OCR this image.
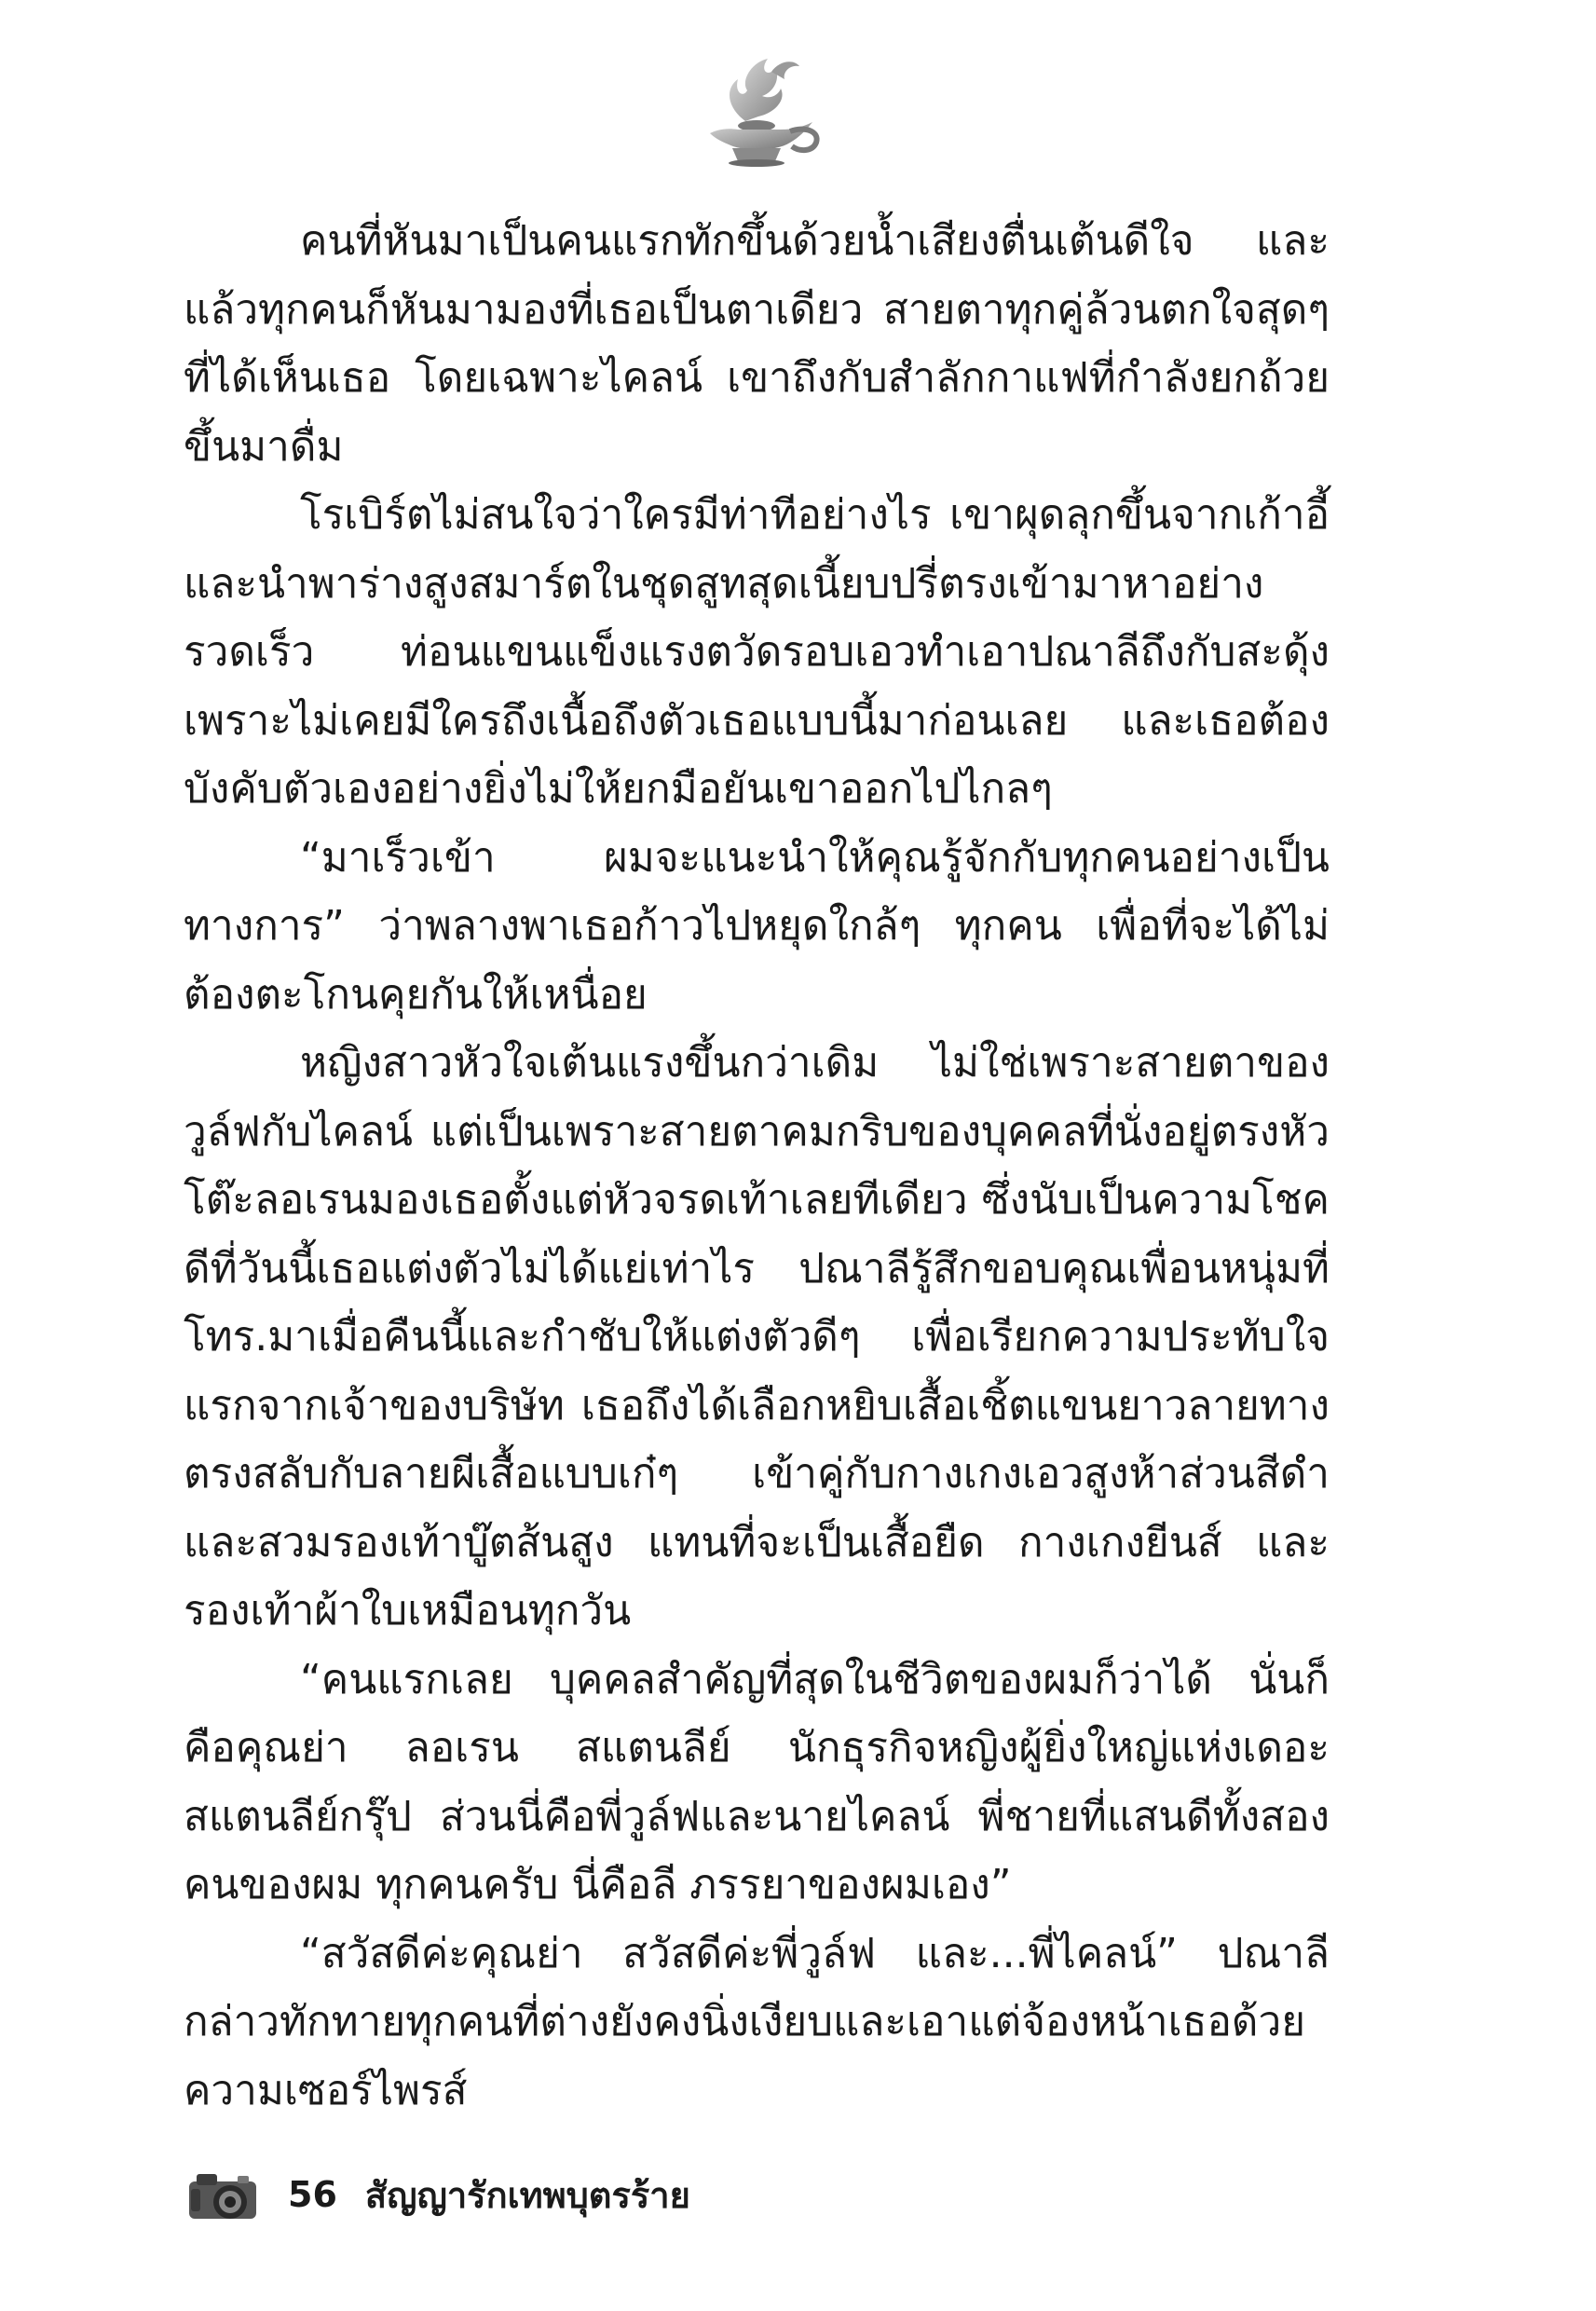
คนที่หันมาเป็นคนแรกทักขึ้นด้วยน้ำเสียงตื่นเต้นดีใจ และแล้วทุกคนก็หันมามองที่เธอเป็นตาเดียว สายตาทุกคู่ล้วนตกใจสุดๆ ที่ได้เห็นเธอ โดยเฉพาะไคลน์ เขาถึงกับสำลักกาแฟที่กำลังยกถ้วยขึ้นมาดื่ม

โรเบิร์ตไม่สนใจว่าใครมีท่าทีอย่างไร เขาผุดลุกขึ้นจากเก้าอี้และนำพาร่างสูงสมาร์ตในชุดสูทสุดเนี้ยบปรี่ตรงเข้ามาหาอย่างรวดเร็ว ท่อนแขนแข็งแรงตวัดรอบเอวทำเอาปณาลีถึงกับสะดุ้ง เพราะไม่เคยมีใครถึงเนื้อถึงตัวเธอแบบนี้มาก่อนเลย และเธอต้องบังคับตัวเองอย่างยิ่งไม่ให้ยกมือยันเขาออกไปไกลๆ

“มาเร็วเข้า ผมจะแนะนำให้คุณรู้จักกับทุกคนอย่างเป็นทางการ” ว่าพลางพาเธอก้าวไปหยุดใกล้ๆ ทุกคน เพื่อที่จะได้ไม่ต้องตะโกนคุยกันให้เหนื่อย

หญิงสาวหัวใจเต้นแรงขึ้นกว่าเดิม ไม่ใช่เพราะสายตาของวูล์ฟกับไคลน์ แต่เป็นเพราะสายตาคมกริบของบุคคลที่นั่งอยู่ตรงหัวโต๊ะลอเรนมองเธอตั้งแต่หัวจรดเท้าเลยทีเดียว ซึ่งนับเป็นความโชคดีที่วันนี้เธอแต่งตัวไม่ได้แย่เท่าไร ปณาลีรู้สึกขอบคุณเพื่อนหนุ่มที่โทร.มาเมื่อคืนนี้และกำชับให้แต่งตัวดีๆ เพื่อเรียกความประทับใจแรกจากเจ้าของบริษัท เธอถึงได้เลือกหยิบเสื้อเชิ้ตแขนยาวลายทางตรงสลับกับลายผีเสื้อแบบเก๋ๆ เข้าคู่กับกางเกงเอวสูงห้าส่วนสีดำและสวมรองเท้าบู๊ตส้นสูง แทนที่จะเป็นเสื้อยืด กางเกงยีนส์ และรองเท้าผ้าใบเหมือนทุกวัน

“คนแรกเลย บุคคลสำคัญที่สุดในชีวิตของผมก็ว่าได้ นั่นก็คือคุณย่า ลอเรน สแตนลีย์ นักธุรกิจหญิงผู้ยิ่งใหญ่แห่งเดอะสแตนลีย์กรุ๊ป ส่วนนี่คือพี่วูล์ฟและนายไคลน์ พี่ชายที่แสนดีทั้งสองคนของผม ทุกคนครับ นี่คือลี ภรรยาของผมเอง”

“สวัสดีค่ะคุณย่า สวัสดีค่ะพี่วูล์ฟ และ...พี่ไคลน์” ปณาลีกล่าวทักทายทุกคนที่ต่างยังคงนิ่งเงียบและเอาแต่จ้องหน้าเธอด้วยความเซอร์ไพรส์

56 สัญญารักเทพบุตรร้าย
